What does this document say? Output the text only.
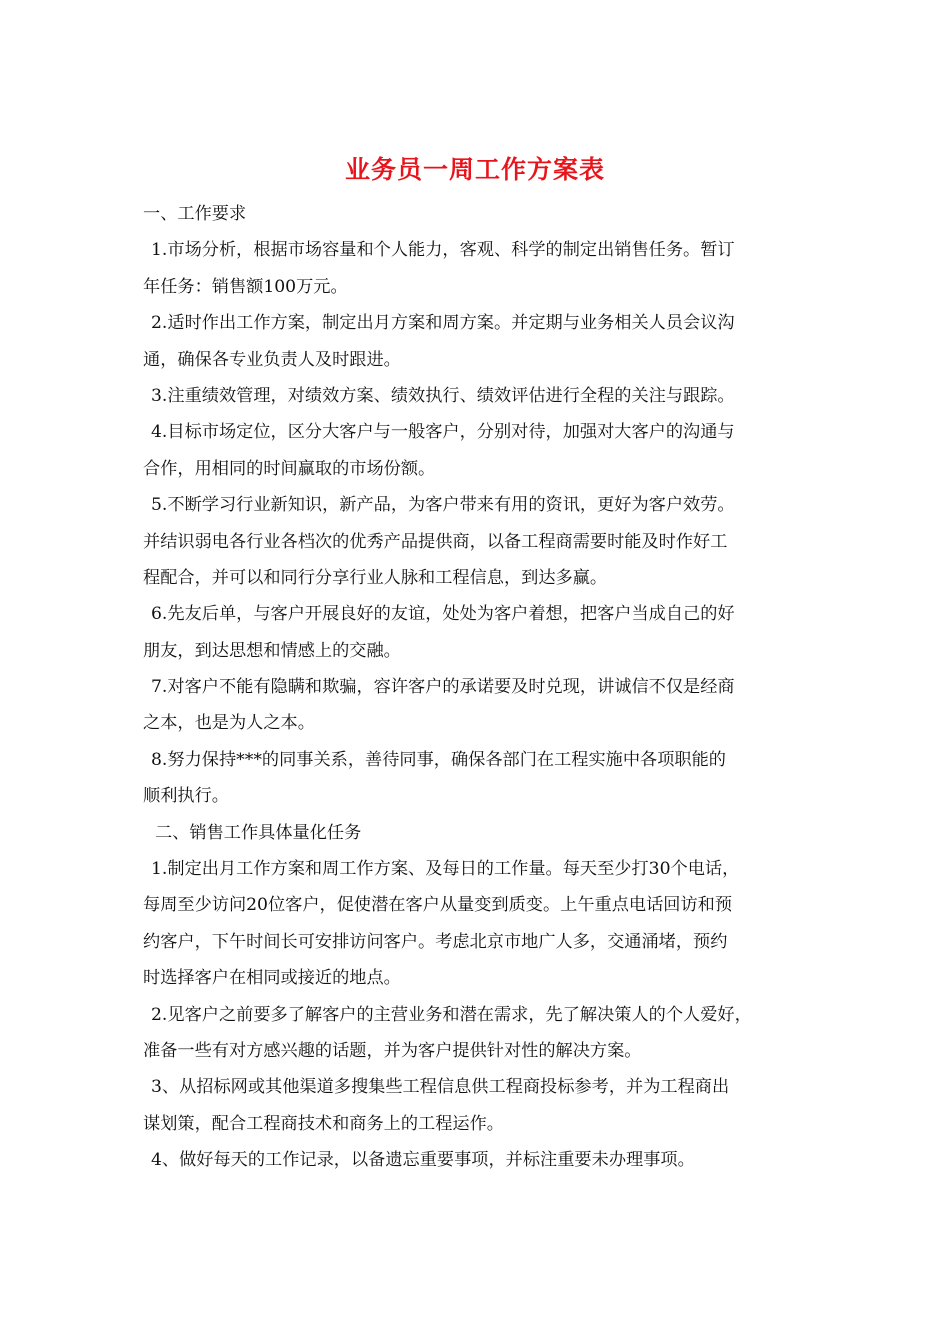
业务员一周工作方案表
一、工作要求
1.市场分析，根据市场容量和个人能力，客观、科学的制定出销售任务。暂订
年任务：销售额100万元。
2.适时作出工作方案，制定出月方案和周方案。并定期与业务相关人员会议沟
通，确保各专业负责人及时跟进。
3.注重绩效管理，对绩效方案、绩效执行、绩效评估进行全程的关注与跟踪。
4.目标市场定位，区分大客户与一般客户，分别对待，加强对大客户的沟通与
合作，用相同的时间赢取的市场份额。
5.不断学习行业新知识，新产品，为客户带来有用的资讯，更好为客户效劳。
并结识弱电各行业各档次的优秀产品提供商，以备工程商需要时能及时作好工
程配合，并可以和同行分享行业人脉和工程信息，到达多赢。
6.先友后单，与客户开展良好的友谊，处处为客户着想，把客户当成自己的好
朋友，到达思想和情感上的交融。
7.对客户不能有隐瞒和欺骗，容许客户的承诺要及时兑现，讲诚信不仅是经商
之本，也是为人之本。
8.努力保持***的同事关系，善待同事，确保各部门在工程实施中各项职能的
顺利执行。
二、销售工作具体量化任务
1.制定出月工作方案和周工作方案、及每日的工作量。每天至少打30个电话，
每周至少访问20位客户，促使潜在客户从量变到质变。上午重点电话回访和预
约客户，下午时间长可安排访问客户。考虑北京市地广人多，交通涌堵，预约
时选择客户在相同或接近的地点。
2.见客户之前要多了解客户的主营业务和潜在需求，先了解决策人的个人爱好，
准备一些有对方感兴趣的话题，并为客户提供针对性的解决方案。
3、从招标网或其他渠道多搜集些工程信息供工程商投标参考，并为工程商出
谋划策，配合工程商技术和商务上的工程运作。
4、做好每天的工作记录，以备遗忘重要事项，并标注重要未办理事项。
